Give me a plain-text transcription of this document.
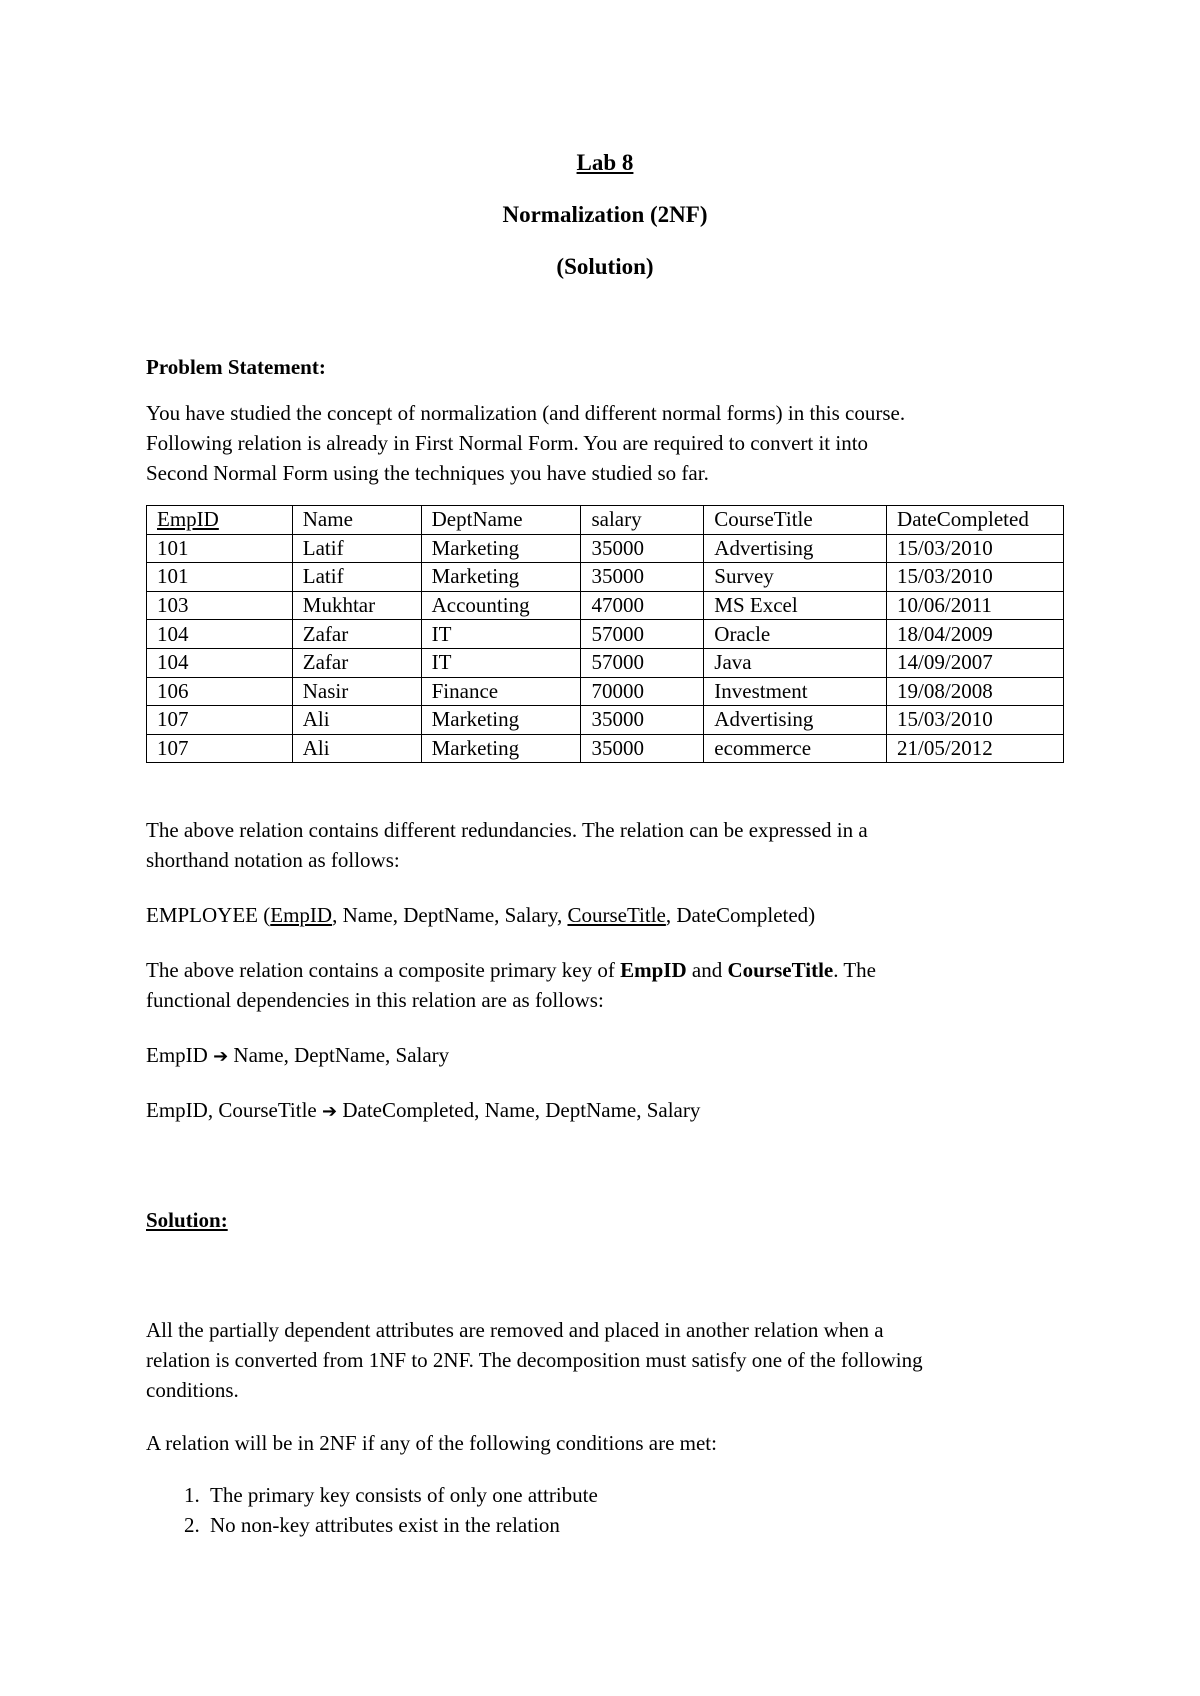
Lab 8
Normalization (2NF)
(Solution)
Problem Statement:
You have studied the concept of normalization (and different normal forms) in this course.
Following relation is already in First Normal Form. You are required to convert it into
Second Normal Form using the techniques you have studied so far.
EmpID	Name	DeptName	salary	CourseTitle	DateCompleted
101	Latif	Marketing	35000	Advertising	15/03/2010
101	Latif	Marketing	35000	Survey	15/03/2010
103	Mukhtar	Accounting	47000	MS Excel	10/06/2011
104	Zafar	IT	57000	Oracle	18/04/2009
104	Zafar	IT	57000	Java	14/09/2007
106	Nasir	Finance	70000	Investment	19/08/2008
107	Ali	Marketing	35000	Advertising	15/03/2010
107	Ali	Marketing	35000	ecommerce	21/05/2012
The above relation contains different redundancies. The relation can be expressed in a
shorthand notation as follows:
EMPLOYEE (EmpID, Name, DeptName, Salary, CourseTitle, DateCompleted)
The above relation contains a composite primary key of EmpID and CourseTitle. The
functional dependencies in this relation are as follows:
EmpID ➔ Name, DeptName, Salary
EmpID, CourseTitle ➔ DateCompleted, Name, DeptName, Salary
Solution:
All the partially dependent attributes are removed and placed in another relation when a
relation is converted from 1NF to 2NF. The decomposition must satisfy one of the following
conditions.
A relation will be in 2NF if any of the following conditions are met:
1. The primary key consists of only one attribute
2. No non-key attributes exist in the relation
